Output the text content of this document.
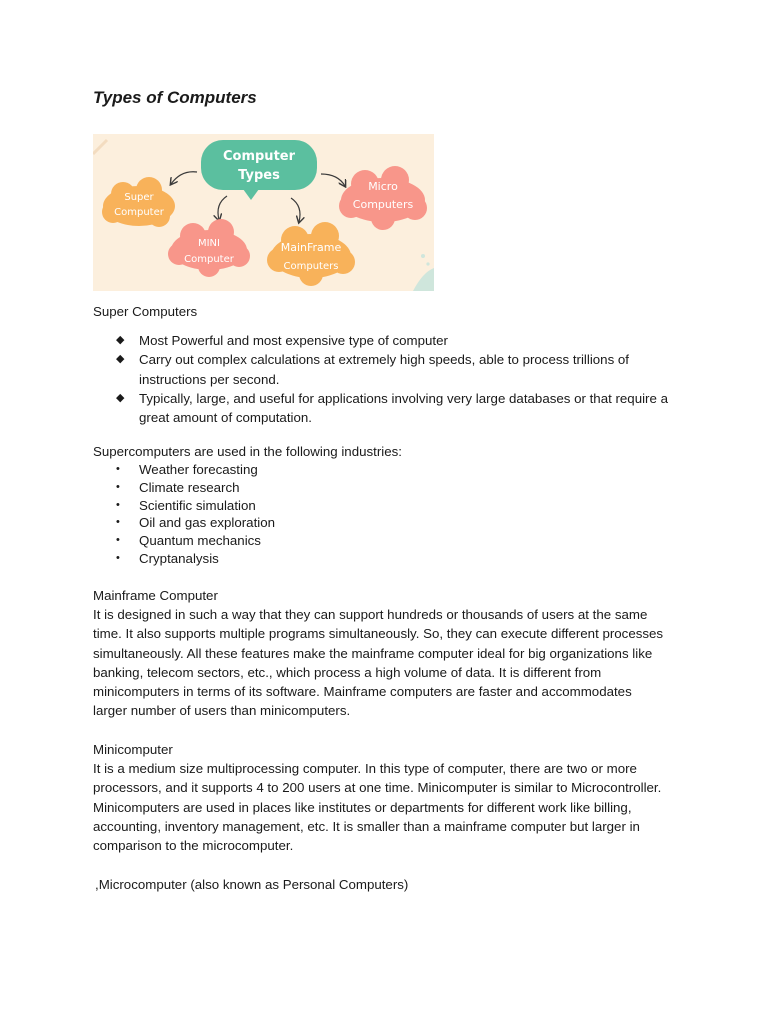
Types of Computers
Computer
Types
Super
Computer
Micro
Computers
MINI
Computer
MainFrame
Computers

Super Computers

◆ Most Powerful and most expensive type of computer
◆ Carry out complex calculations at extremely high speeds, able to process trillions of instructions per second.
◆ Typically, large, and useful for applications involving very large databases or that require a great amount of computation.

Supercomputers are used in the following industries:

• Weather forecasting
• Climate research
• Scientific simulation
• Oil and gas exploration
• Quantum mechanics
• Cryptanalysis

Mainframe Computer

It is designed in such a way that they can support hundreds or thousands of users at the same time. It also supports multiple programs simultaneously. So, they can execute different processes simultaneously. All these features make the mainframe computer ideal for big organizations like banking, telecom sectors, etc., which process a high volume of data. It is different from minicomputers in terms of its software. Mainframe computers are faster and accommodates larger number of users than minicomputers.

Minicomputer

It is a medium size multiprocessing computer. In this type of computer, there are two or more processors, and it supports 4 to 200 users at one time. Minicomputer is similar to Microcontroller. Minicomputers are used in places like institutes or departments for different work like billing, accounting, inventory management, etc. It is smaller than a mainframe computer but larger in comparison to the microcomputer.

,Microcomputer (also known as Personal Computers)
